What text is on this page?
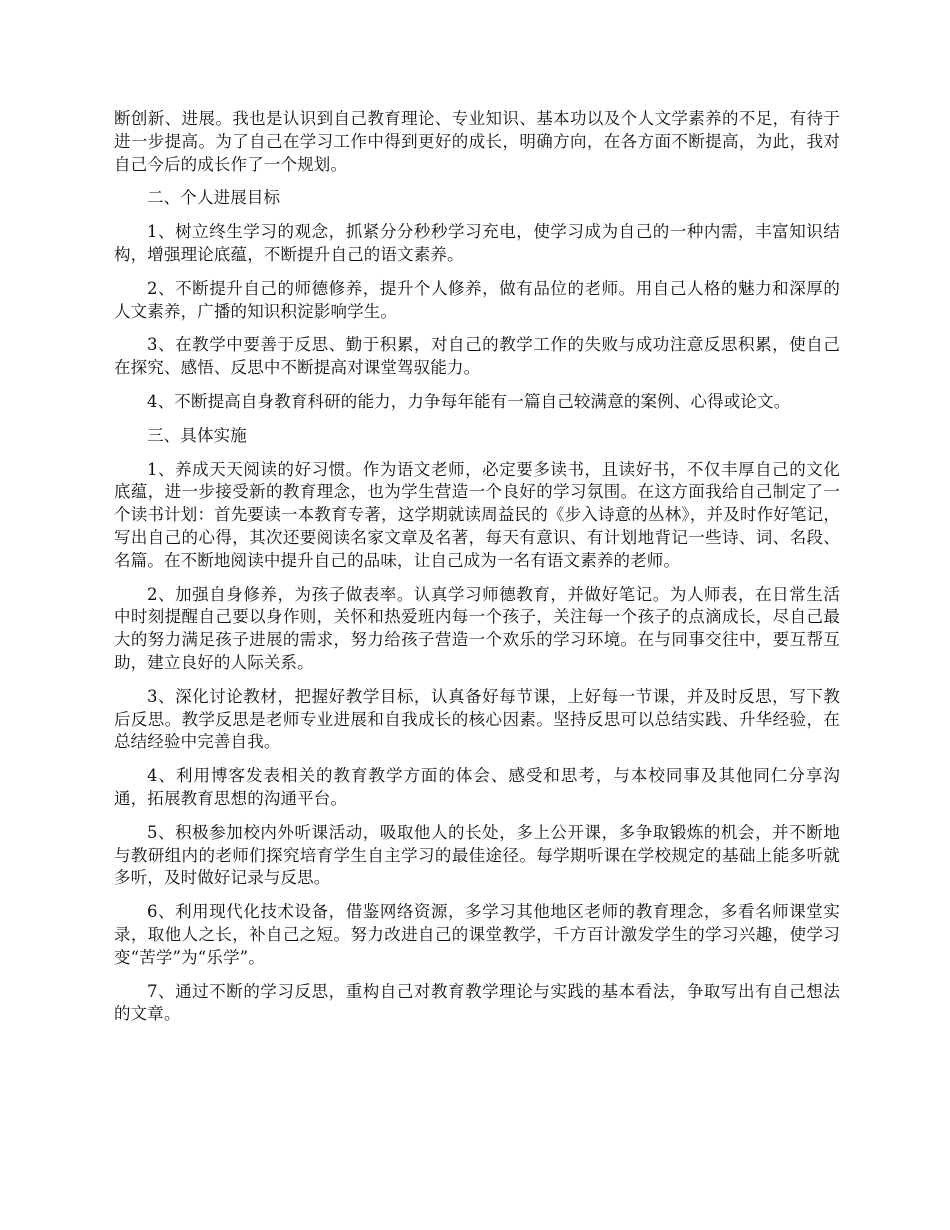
断创新、进展。我也是认识到自己教育理论、专业知识、基本功以及个人文学素养的不足，有待于进一步提高。为了自己在学习工作中得到更好的成长，明确方向，在各方面不断提高，为此，我对自己今后的成长作了一个规划。

二、个人进展目标

1、树立终生学习的观念，抓紧分分秒秒学习充电，使学习成为自己的一种内需，丰富知识结构，增强理论底蕴，不断提升自己的语文素养。

2、不断提升自己的师德修养，提升个人修养，做有品位的老师。用自己人格的魅力和深厚的人文素养，广播的知识积淀影响学生。

3、在教学中要善于反思、勤于积累，对自己的教学工作的失败与成功注意反思积累，使自己在探究、感悟、反思中不断提高对课堂驾驭能力。

4、不断提高自身教育科研的能力，力争每年能有一篇自己较满意的案例、心得或论文。

三、具体实施

1、养成天天阅读的好习惯。作为语文老师，必定要多读书，且读好书，不仅丰厚自己的文化底蕴，进一步接受新的教育理念，也为学生营造一个良好的学习氛围。在这方面我给自己制定了一个读书计划：首先要读一本教育专著，这学期就读周益民的《步入诗意的丛林》，并及时作好笔记，写出自己的心得，其次还要阅读名家文章及名著，每天有意识、有计划地背记一些诗、词、名段、名篇。在不断地阅读中提升自己的品味，让自己成为一名有语文素养的老师。

2、加强自身修养，为孩子做表率。认真学习师德教育，并做好笔记。为人师表，在日常生活中时刻提醒自己要以身作则，关怀和热爱班内每一个孩子，关注每一个孩子的点滴成长，尽自己最大的努力满足孩子进展的需求，努力给孩子营造一个欢乐的学习环境。在与同事交往中，要互帮互助，建立良好的人际关系。

3、深化讨论教材，把握好教学目标，认真备好每节课，上好每一节课，并及时反思，写下教后反思。教学反思是老师专业进展和自我成长的核心因素。坚持反思可以总结实践、升华经验，在总结经验中完善自我。

4、利用博客发表相关的教育教学方面的体会、感受和思考，与本校同事及其他同仁分享沟通，拓展教育思想的沟通平台。

5、积极参加校内外听课活动，吸取他人的长处，多上公开课，多争取锻炼的机会，并不断地与教研组内的老师们探究培育学生自主学习的最佳途径。每学期听课在学校规定的基础上能多听就多听，及时做好记录与反思。

6、利用现代化技术设备，借鉴网络资源，多学习其他地区老师的教育理念，多看名师课堂实录，取他人之长，补自己之短。努力改进自己的课堂教学，千方百计激发学生的学习兴趣，使学习变“苦学”为“乐学”。

7、通过不断的学习反思，重构自己对教育教学理论与实践的基本看法，争取写出有自己想法的文章。
